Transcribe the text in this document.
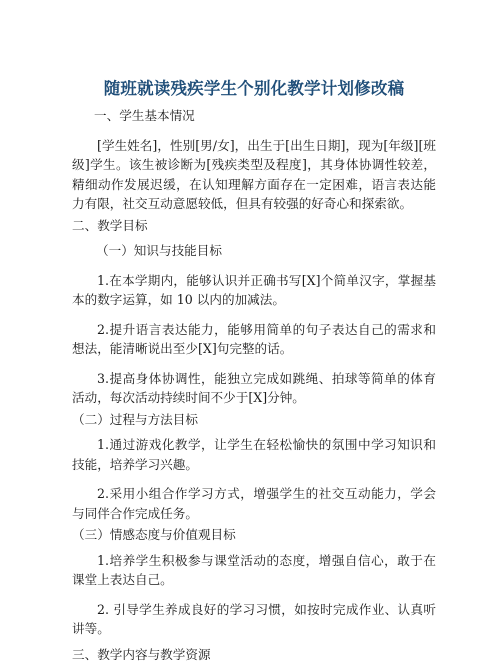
随班就读残疾学生个别化教学计划修改稿

一、学生基本情况

[学生姓名]，性别[男/女]，出生于[出生日期]，现为[年级][班级]学生。该生被诊断为[残疾类型及程度]，其身体协调性较差，精细动作发展迟缓，在认知理解方面存在一定困难，语言表达能力有限，社交互动意愿较低，但具有较强的好奇心和探索欲。

二、教学目标

（一）知识与技能目标

1.在本学期内，能够认识并正确书写[X]个简单汉字，掌握基本的数字运算，如 10 以内的加减法。

2.提升语言表达能力，能够用简单的句子表达自己的需求和想法，能清晰说出至少[X]句完整的话。

3.提高身体协调性，能独立完成如跳绳、拍球等简单的体育活动，每次活动持续时间不少于[X]分钟。

（二）过程与方法目标

1.通过游戏化教学，让学生在轻松愉快的氛围中学习知识和技能，培养学习兴趣。

2.采用小组合作学习方式，增强学生的社交互动能力，学会与同伴合作完成任务。

（三）情感态度与价值观目标

1.培养学生积极参与课堂活动的态度，增强自信心，敢于在课堂上表达自己。

2. 引导学生养成良好的学习习惯，如按时完成作业、认真听讲等。

三、教学内容与教学资源
